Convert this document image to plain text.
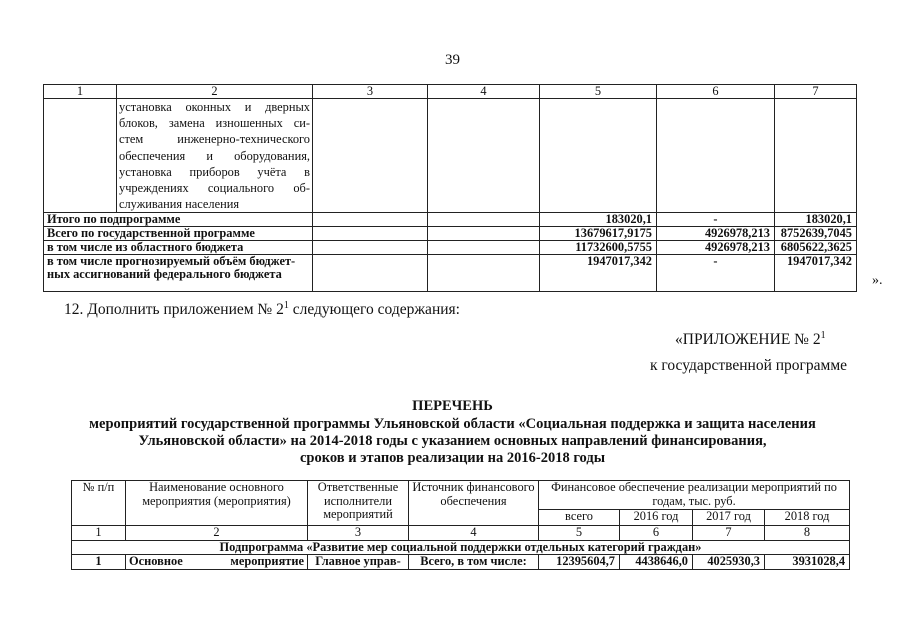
39
1	2	3	4	5	6	7
	установка оконных и дверных блоков, замена изношенных си-стем инженерно-технического обеспечения и оборудования, установка приборов учёта в учреждениях социального об-служивания населения					
Итого по подпрограмме				183020,1	-	183020,1
Всего по государственной программе				13679617,9175	4926978,213	8752639,7045
в том числе из областного бюджета				11732600,5755	4926978,213	6805622,3625
в том числе прогнозируемый объём бюджет-ных ассигнований федерального бюджета				1947017,342	-	1947017,342
».
12. Дополнить приложением № $2^1$ следующего содержания:
«ПРИЛОЖЕНИЕ № $2^1$
к государственной программе
ПЕРЕЧЕНЬ
мероприятий государственной программы Ульяновской области «Социальная поддержка и защита населения
Ульяновской области» на 2014-2018 годы с указанием основных направлений финансирования,
сроков и этапов реализации на 2016-2018 годы
№ п/п	Наименование основного мероприятия (мероприятия)	Ответственные исполнители мероприятий	Источник финансового обеспечения	Финансовое обеспечение реализации мероприятий по годам, тыс. руб.			
				всего	2016 год	2017 год	2018 год
1	2	3	4	5	6	7	8
Подпрограмма «Развитие мер социальной поддержки отдельных категорий граждан»							
1	Основное мероприятие	Главное управ-	Всего, в том числе:	12395604,7	4438646,0	4025930,3	3931028,4
